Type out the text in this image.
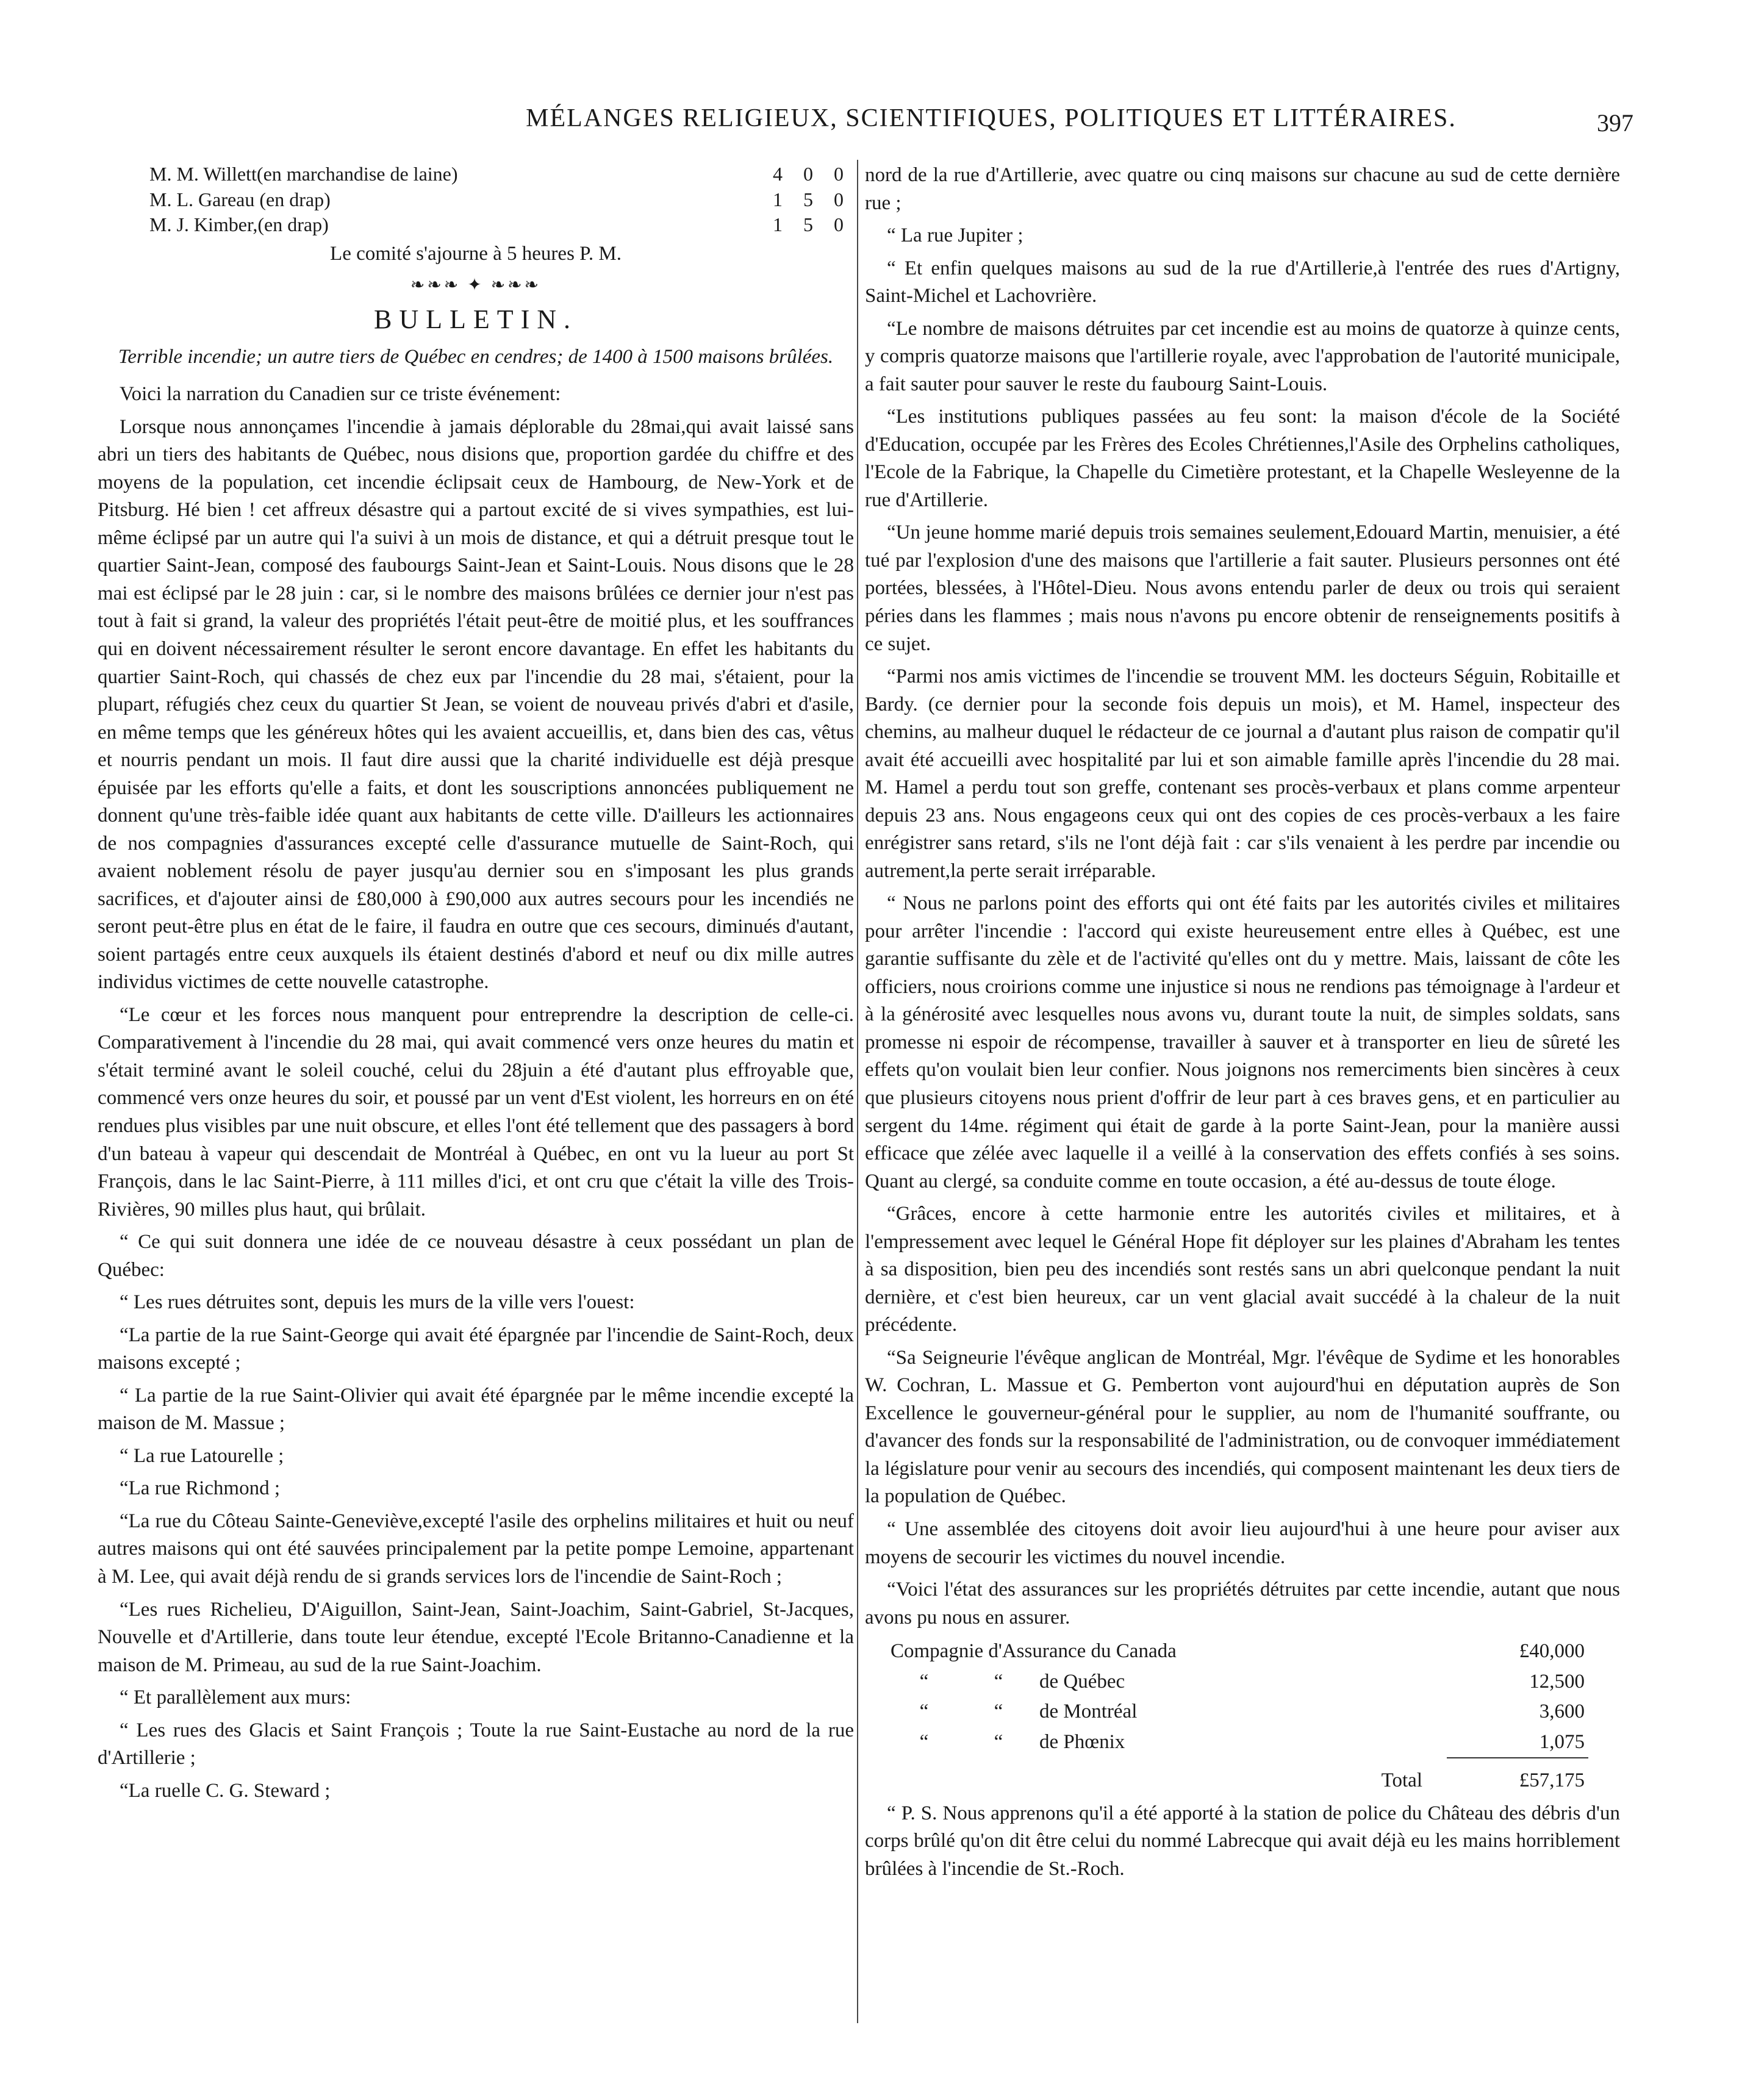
MÉLANGES RELIGIEUX, SCIENTIFIQUES, POLITIQUES ET LITTÉRAIRES.	397
M. M. Willett(en marchandise de laine)	4	0	0
M. L. Gareau (en drap)	1	5	0
M. J. Kimber,(en drap)	1	5	0
Le comité s'ajourne à 5 heures P. M.
❧❧❧ ✦ ❧❧❧
BULLETIN.
Terrible incendie; un autre tiers de Québec en cendres; de 1400 à 1500 maisons brûlées.

Voici la narration du Canadien sur ce triste événement:

Lorsque nous annonçames l'incendie à jamais déplorable du 28mai,qui avait laissé sans abri un tiers des habitants de Québec, nous disions que, proportion gardée du chiffre et des moyens de la population, cet incendie éclipsait ceux de Hambourg, de New-York et de Pitsburg. Hé bien ! cet affreux désastre qui a partout excité de si vives sympathies, est lui-même éclipsé par un autre qui l'a suivi à un mois de distance, et qui a détruit presque tout le quartier Saint-Jean, composé des faubourgs Saint-Jean et Saint-Louis. Nous disons que le 28 mai est éclipsé par le 28 juin : car, si le nombre des maisons brûlées ce dernier jour n'est pas tout à fait si grand, la valeur des propriétés l'était peut-être de moitié plus, et les souffrances qui en doivent nécessairement résulter le seront encore davantage. En effet les habitants du quartier Saint-Roch, qui chassés de chez eux par l'incendie du 28 mai, s'étaient, pour la plupart, réfugiés chez ceux du quartier St Jean, se voient de nouveau privés d'abri et d'asile, en même temps que les généreux hôtes qui les avaient accueillis, et, dans bien des cas, vêtus et nourris pendant un mois. Il faut dire aussi que la charité individuelle est déjà presque épuisée par les efforts qu'elle a faits, et dont les souscriptions annoncées publiquement ne donnent qu'une très-faible idée quant aux habitants de cette ville. D'ailleurs les actionnaires de nos compagnies d'assurances excepté celle d'assurance mutuelle de Saint-Roch, qui avaient noblement résolu de payer jusqu'au dernier sou en s'imposant les plus grands sacrifices, et d'ajouter ainsi de £80,000 à £90,000 aux autres secours pour les incendiés ne seront peut-être plus en état de le faire, il faudra en outre que ces secours, diminués d'autant, soient partagés entre ceux auxquels ils étaient destinés d'abord et neuf ou dix mille autres individus victimes de cette nouvelle catastrophe.

“Le cœur et les forces nous manquent pour entreprendre la description de celle-ci. Comparativement à l'incendie du 28 mai, qui avait commencé vers onze heures du matin et s'était terminé avant le soleil couché, celui du 28juin a été d'autant plus effroyable que, commencé vers onze heures du soir, et poussé par un vent d'Est violent, les horreurs en on été rendues plus visibles par une nuit obscure, et elles l'ont été tellement que des passagers à bord d'un bateau à vapeur qui descendait de Montréal à Québec, en ont vu la lueur au port St François, dans le lac Saint-Pierre, à 111 milles d'ici, et ont cru que c'était la ville des Trois-Rivières, 90 milles plus haut, qui brûlait.

“ Ce qui suit donnera une idée de ce nouveau désastre à ceux possédant un plan de Québec:

“ Les rues détruites sont, depuis les murs de la ville vers l'ouest:

“La partie de la rue Saint-George qui avait été épargnée par l'incendie de Saint-Roch, deux maisons excepté ;

“ La partie de la rue Saint-Olivier qui avait été épargnée par le même incendie excepté la maison de M. Massue ;

“ La rue Latourelle ;

“La rue Richmond ;

“La rue du Côteau Sainte-Geneviève,excepté l'asile des orphelins militaires et huit ou neuf autres maisons qui ont été sauvées principalement par la petite pompe Lemoine, appartenant à M. Lee, qui avait déjà rendu de si grands services lors de l'incendie de Saint-Roch ;

“Les rues Richelieu, D'Aiguillon, Saint-Jean, Saint-Joachim, Saint-Gabriel, St-Jacques, Nouvelle et d'Artillerie, dans toute leur étendue, excepté l'Ecole Britanno-Canadienne et la maison de M. Primeau, au sud de la rue Saint-Joachim.

“ Et parallèlement aux murs:

“ Les rues des Glacis et Saint François ; Toute la rue Saint-Eustache au nord de la rue d'Artillerie ;

“La ruelle C. G. Steward ;

nord de la rue d'Artillerie, avec quatre ou cinq maisons sur chacune au sud de cette dernière rue ;

“ La rue Jupiter ;

“ Et enfin quelques maisons au sud de la rue d'Artillerie,à l'entrée des rues d'Artigny, Saint-Michel et Lachovrière.

“Le nombre de maisons détruites par cet incendie est au moins de quatorze à quinze cents, y compris quatorze maisons que l'artillerie royale, avec l'approbation de l'autorité municipale, a fait sauter pour sauver le reste du faubourg Saint-Louis.

“Les institutions publiques passées au feu sont: la maison d'école de la Société d'Education, occupée par les Frères des Ecoles Chrétiennes,l'Asile des Orphelins catholiques, l'Ecole de la Fabrique, la Chapelle du Cimetière protestant, et la Chapelle Wesleyenne de la rue d'Artillerie.

“Un jeune homme marié depuis trois semaines seulement,Edouard Martin, menuisier, a été tué par l'explosion d'une des maisons que l'artillerie a fait sauter. Plusieurs personnes ont été portées, blessées, à l'Hôtel-Dieu. Nous avons entendu parler de deux ou trois qui seraient péries dans les flammes ; mais nous n'avons pu encore obtenir de renseignements positifs à ce sujet.

“Parmi nos amis victimes de l'incendie se trouvent MM. les docteurs Séguin, Robitaille et Bardy. (ce dernier pour la seconde fois depuis un mois), et M. Hamel, inspecteur des chemins, au malheur duquel le rédacteur de ce journal a d'autant plus raison de compatir qu'il avait été accueilli avec hospitalité par lui et son aimable famille après l'incendie du 28 mai. M. Hamel a perdu tout son greffe, contenant ses procès-verbaux et plans comme arpenteur depuis 23 ans. Nous engageons ceux qui ont des copies de ces procès-verbaux a les faire enrégistrer sans retard, s'ils ne l'ont déjà fait : car s'ils venaient à les perdre par incendie ou autrement,la perte serait irréparable.

“ Nous ne parlons point des efforts qui ont été faits par les autorités civiles et militaires pour arrêter l'incendie : l'accord qui existe heureusement entre elles à Québec, est une garantie suffisante du zèle et de l'activité qu'elles ont du y mettre. Mais, laissant de côte les officiers, nous croirions comme une injustice si nous ne rendions pas témoignage à l'ardeur et à la générosité avec lesquelles nous avons vu, durant toute la nuit, de simples soldats, sans promesse ni espoir de récompense, travailler à sauver et à transporter en lieu de sûreté les effets qu'on voulait bien leur confier. Nous joignons nos remerciments bien sincères à ceux que plusieurs citoyens nous prient d'offrir de leur part à ces braves gens, et en particulier au sergent du 14me. régiment qui était de garde à la porte Saint-Jean, pour la manière aussi efficace que zélée avec laquelle il a veillé à la conservation des effets confiés à ses soins. Quant au clergé, sa conduite comme en toute occasion, a été au-dessus de toute éloge.

“Grâces, encore à cette harmonie entre les autorités civiles et militaires, et à l'empressement avec lequel le Général Hope fit déployer sur les plaines d'Abraham les tentes à sa disposition, bien peu des incendiés sont restés sans un abri quelconque pendant la nuit dernière, et c'est bien heureux, car un vent glacial avait succédé à la chaleur de la nuit précédente.

“Sa Seigneurie l'évêque anglican de Montréal, Mgr. l'évêque de Sydime et les honorables W. Cochran, L. Massue et G. Pemberton vont aujourd'hui en députation auprès de Son Excellence le gouverneur-général pour le supplier, au nom de l'humanité souffrante, ou d'avancer des fonds sur la responsabilité de l'administration, ou de convoquer immédiatement la législature pour venir au secours des incendiés, qui composent maintenant les deux tiers de la population de Québec.

“ Une assemblée des citoyens doit avoir lieu aujourd'hui à une heure pour aviser aux moyens de secourir les victimes du nouvel incendie.

“Voici l'état des assurances sur les propriétés détruites par cette incendie, autant que nous avons pu nous en assurer.

Compagnie d'Assurance du Canada			£40,000
“	“	de Québec	12,500
“	“	de Montréal	3,600
“	“	de Phœnix	1,075
		Total	£57,175

“ P. S. Nous apprenons qu'il a été apporté à la station de police du Château des débris d'un corps brûlé qu'on dit être celui du nommé Labrecque qui avait déjà eu les mains horriblement brûlées à l'incendie de St.-Roch.
